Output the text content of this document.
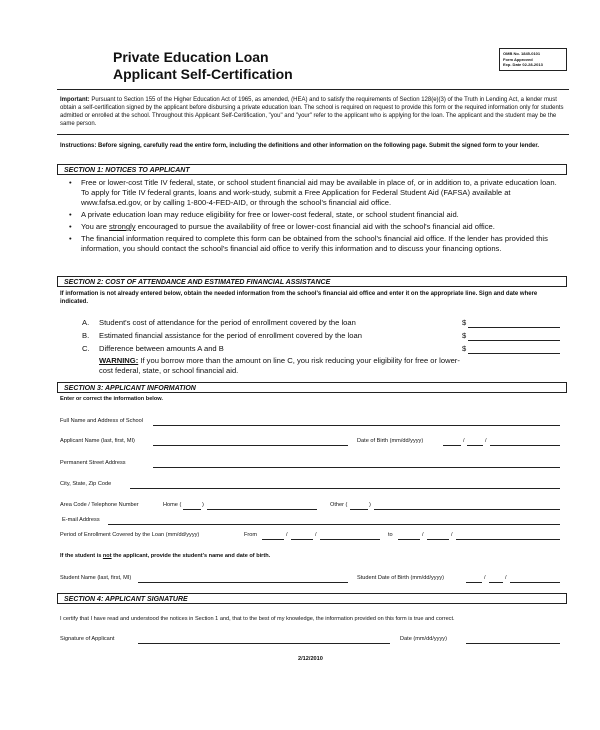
Private Education Loan
Applicant Self-Certification
OMB No. 1845-0101
Form Approved
Exp. Date 02-28-2013
Important: Pursuant to Section 155 of the Higher Education Act of 1965, as amended, (HEA) and to satisfy the requirements of Section 128(e)(3) of the Truth in Lending Act, a lender must obtain a self-certification signed by the applicant before disbursing a private education loan. The school is required on request to provide this form or the required information only for students admitted or enrolled at the school. Throughout this Applicant Self-Certification, "you" and "your" refer to the applicant who is applying for the loan. The applicant and the student may be the same person.
Instructions: Before signing, carefully read the entire form, including the definitions and other information on the following page. Submit the signed form to your lender.
SECTION 1: NOTICES TO APPLICANT
• Free or lower-cost Title IV federal, state, or school student financial aid may be available in place of, or in addition to, a private education loan. To apply for Title IV federal grants, loans and work-study, submit a Free Application for Federal Student Aid (FAFSA) available at www.fafsa.ed.gov, or by calling 1-800-4-FED-AID, or through the school's financial aid office.
• A private education loan may reduce eligibility for free or lower-cost federal, state, or school student financial aid.
• You are strongly encouraged to pursue the availability of free or lower-cost financial aid with the school's financial aid office.
• The financial information required to complete this form can be obtained from the school's financial aid office. If the lender has provided this information, you should contact the school's financial aid office to verify this information and to discuss your financing options.
SECTION 2: COST OF ATTENDANCE AND ESTIMATED FINANCIAL ASSISTANCE
If information is not already entered below, obtain the needed information from the school's financial aid office and enter it on the appropriate line. Sign and date where indicated.
A. Student's cost of attendance for the period of enrollment covered by the loan	$
B. Estimated financial assistance for the period of enrollment covered by the loan	$
C. Difference between amounts A and B	$
WARNING: If you borrow more than the amount on line C, you risk reducing your eligibility for free or lower-cost federal, state, or school financial aid.
SECTION 3: APPLICANT INFORMATION
Enter or correct the information below.
Full Name and Address of School
Applicant Name (last, first, MI)	Date of Birth (mm/dd/yyyy)	/	/
Permanent Street Address
City, State, Zip Code
Area Code / Telephone Number	Home (	)	Other (	)
E-mail Address
Period of Enrollment Covered by the Loan (mm/dd/yyyy)	From	/	/	to	/	/
If the student is not the applicant, provide the student's name and date of birth.
Student Name (last, first, MI)	Student Date of Birth (mm/dd/yyyy)	/	/
SECTION 4: APPLICANT SIGNATURE
I certify that I have read and understood the notices in Section 1 and, that to the best of my knowledge, the information provided on this form is true and correct.
Signature of Applicant	Date (mm/dd/yyyy)
2/12/2010
